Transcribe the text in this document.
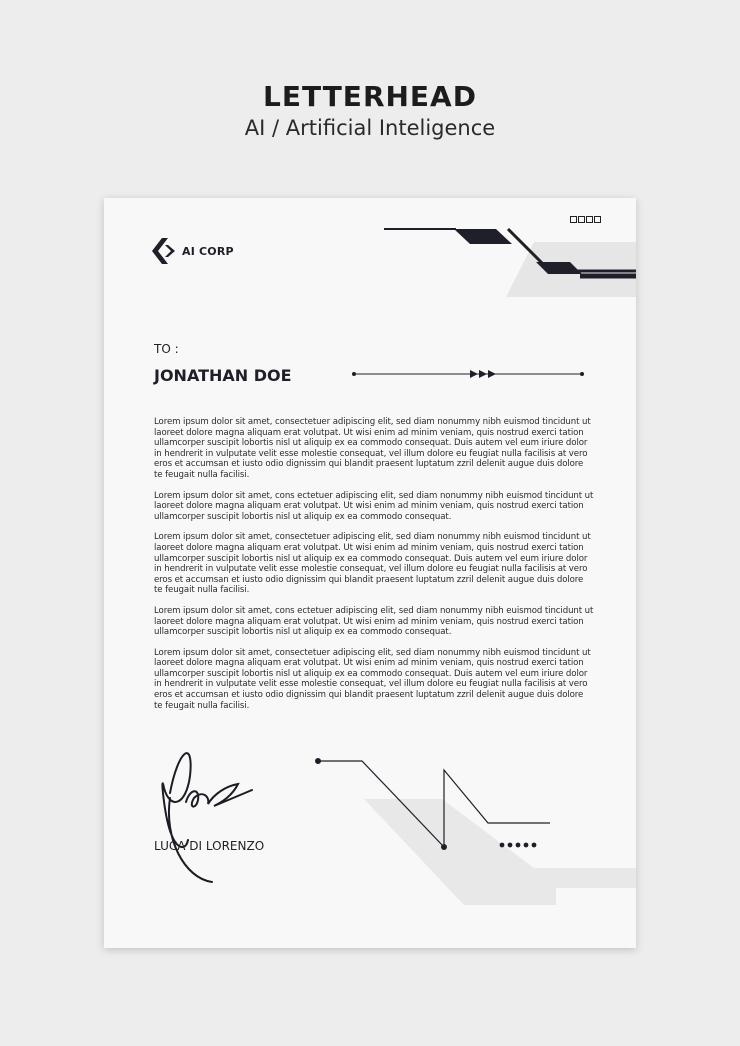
LETTERHEAD
AI / Artificial Inteligence
AI CORP
TO :
JONATHAN DOE

Lorem ipsum dolor sit amet, consectetuer adipiscing elit, sed diam nonummy nibh euismod tincidunt ut laoreet dolore magna aliquam erat volutpat. Ut wisi enim ad minim veniam, quis nostrud exerci tation ullamcorper suscipit lobortis nisl ut aliquip ex ea commodo consequat. Duis autem vel eum iriure dolor in hendrerit in vulputate velit esse molestie consequat, vel illum dolore eu feugiat nulla facilisis at vero eros et accumsan et iusto odio dignissim qui blandit praesent luptatum zzril delenit augue duis dolore te feugait nulla facilisi.

Lorem ipsum dolor sit amet, cons ectetuer adipiscing elit, sed diam nonummy nibh euismod tincidunt ut laoreet dolore magna aliquam erat volutpat. Ut wisi enim ad minim veniam, quis nostrud exerci tation ullamcorper suscipit lobortis nisl ut aliquip ex ea commodo consequat.

Lorem ipsum dolor sit amet, consectetuer adipiscing elit, sed diam nonummy nibh euismod tincidunt ut laoreet dolore magna aliquam erat volutpat. Ut wisi enim ad minim veniam, quis nostrud exerci tation ullamcorper suscipit lobortis nisl ut aliquip ex ea commodo consequat. Duis autem vel eum iriure dolor in hendrerit in vulputate velit esse molestie consequat, vel illum dolore eu feugiat nulla facilisis at vero eros et accumsan et iusto odio dignissim qui blandit praesent luptatum zzril delenit augue duis dolore te feugait nulla facilisi.

Lorem ipsum dolor sit amet, cons ectetuer adipiscing elit, sed diam nonummy nibh euismod tincidunt ut laoreet dolore magna aliquam erat volutpat. Ut wisi enim ad minim veniam, quis nostrud exerci tation ullamcorper suscipit lobortis nisl ut aliquip ex ea commodo consequat.

Lorem ipsum dolor sit amet, consectetuer adipiscing elit, sed diam nonummy nibh euismod tincidunt ut laoreet dolore magna aliquam erat volutpat. Ut wisi enim ad minim veniam, quis nostrud exerci tation ullamcorper suscipit lobortis nisl ut aliquip ex ea commodo consequat. Duis autem vel eum iriure dolor in hendrerit in vulputate velit esse molestie consequat, vel illum dolore eu feugiat nulla facilisis at vero eros et accumsan et iusto odio dignissim qui blandit praesent luptatum zzril delenit augue duis dolore te feugait nulla facilisi.

LUCA DI LORENZO
